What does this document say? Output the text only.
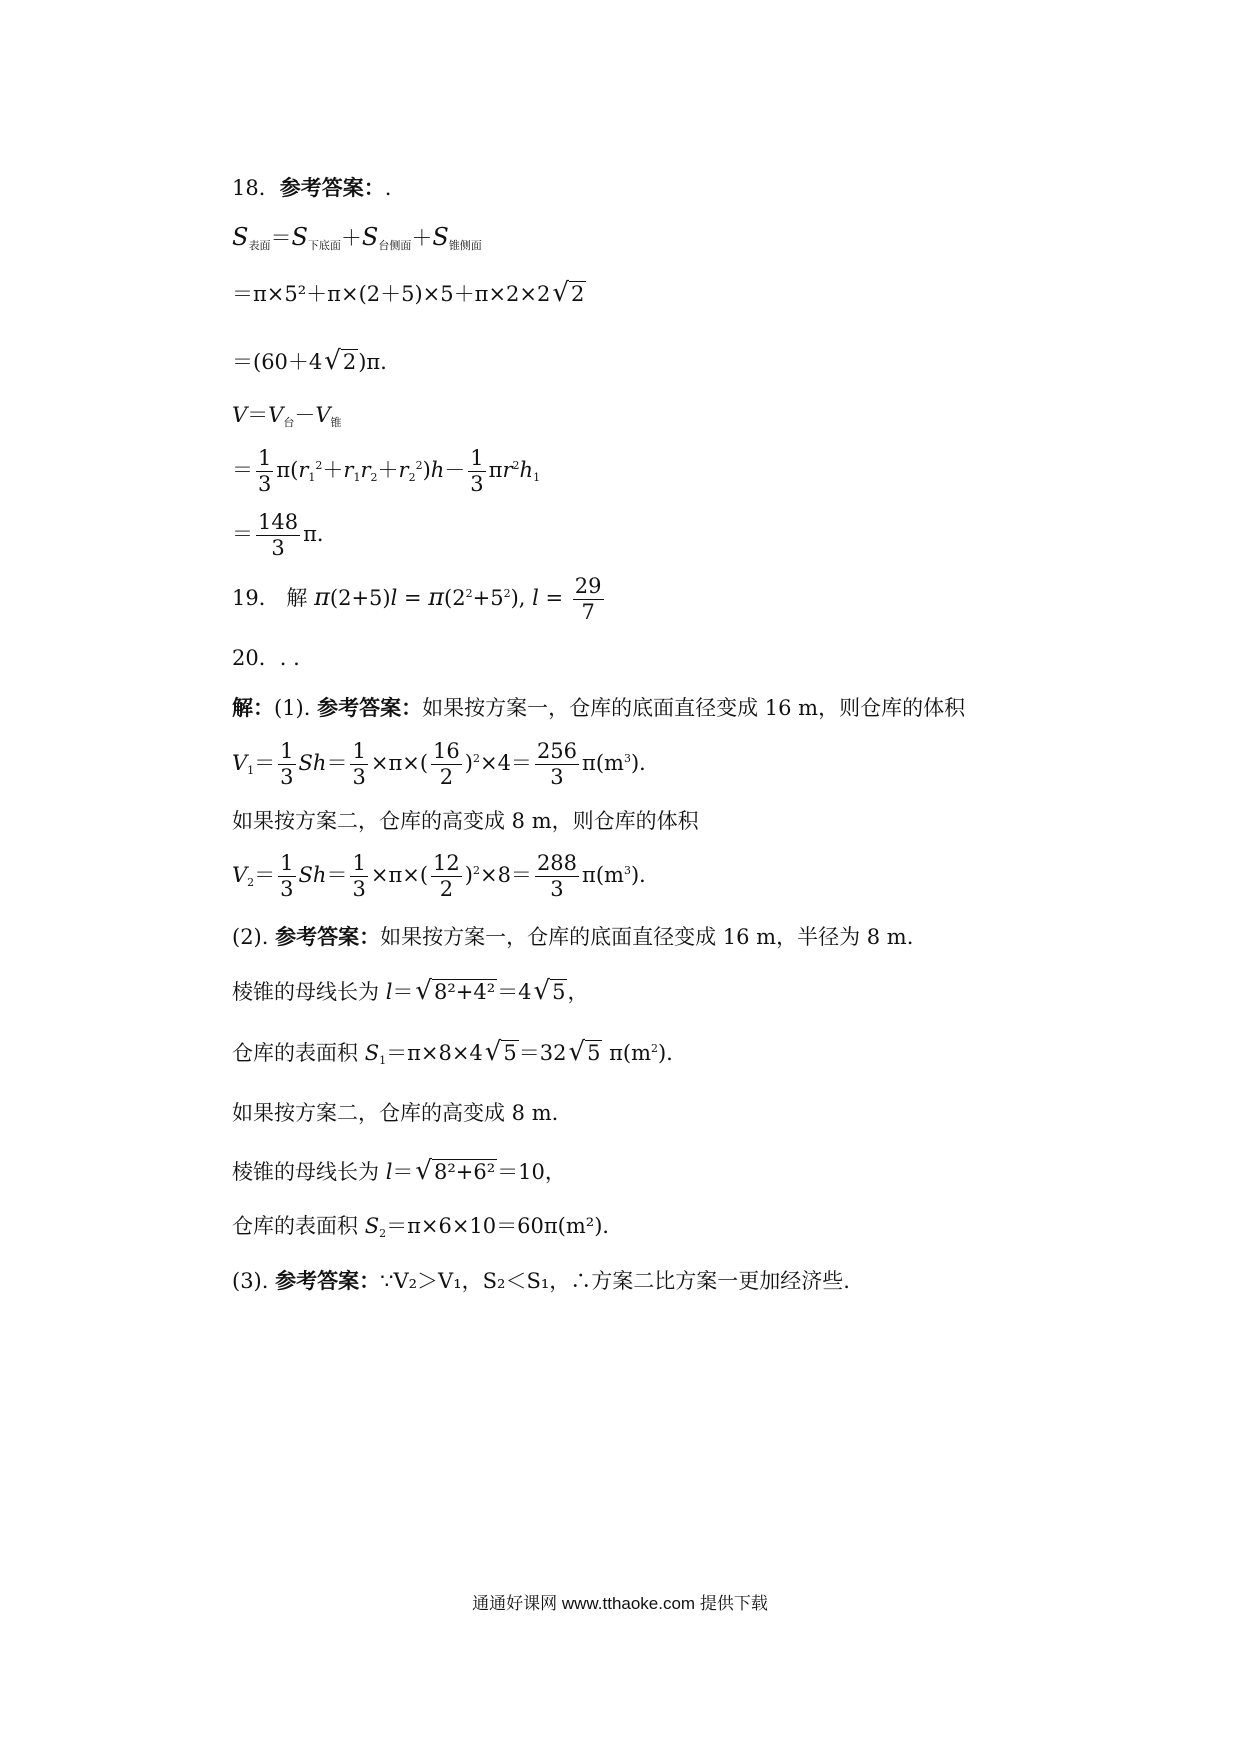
18．参考答案：.
$S_{表面}=S_{下底面}+S_{台侧面}+S_{锥侧面}$
＝π×5²＋π×(2＋5)×5＋π×2×2 √ 2
＝(60＋4 √ 2 )π．
$V=V_台-V_锥$
＝ $\frac{1}{3} \pi(r_1^2+r_1r_2+r_2^2)h- \frac{1}{3} \pi r^2h_1$
＝ $\frac{148}{3}$ π．
19． 解 $\pi(2+5)l = \pi(2^2+5^2)$, $l = \frac{29}{7}$
20．. .
解：(1). 参考答案：如果按方案一，仓库的底面直径变成 16 m，则仓库的体积
$V_1= \frac{1}{3} Sh= \frac{1}{3} \times\pi\times( \frac{16}{2} )^2\times 4= \frac{256}{3} \pi(m^3)$．
如果按方案二，仓库的高变成 8 m，则仓库的体积
$V_2= \frac{1}{3} Sh= \frac{1}{3} \times\pi\times( \frac{12}{2} )^2\times 8= \frac{288}{3} \pi(m^3)$．
(2). 参考答案：如果按方案一，仓库的底面直径变成 16 m，半径为 8 m.
棱锥的母线长为 l＝ √ 8²+4² ＝4 √ 5 ，
仓库的表面积 $S_1=\pi\times 8\times 4$ √ 5 ＝32 √ 5 $\pi(m^2)$．
如果按方案二，仓库的高变成 8 m.
棱锥的母线长为 l＝ √ 8²+6² ＝10，
仓库的表面积 $S_2=\pi\times 6\times 10=60\pi(m^2)$．
(3). 参考答案：∵V₂＞V₁，S₂＜S₁，∴方案二比方案一更加经济些.
通通好课网 www.tthaoke.com 提供下载
